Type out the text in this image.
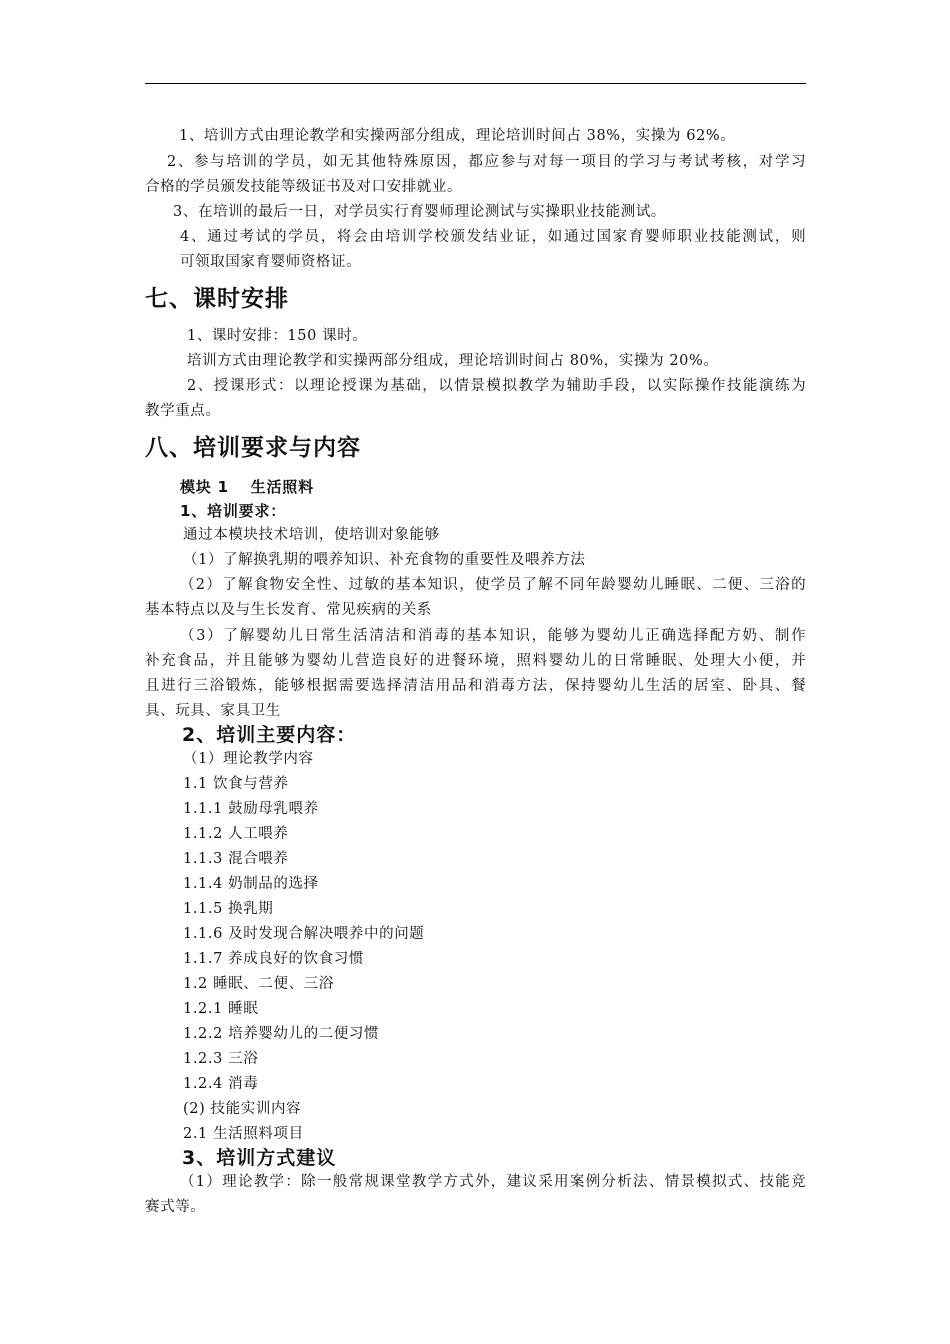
1、培训方式由理论教学和实操两部分组成，理论培训时间占 38%，实操为 62%。
2、参与培训的学员，如无其他特殊原因，都应参与对每一项目的学习与考试考核，对学习
合格的学员颁发技能等级证书及对口安排就业。
3、在培训的最后一日，对学员实行育婴师理论测试与实操职业技能测试。
4、通过考试的学员，将会由培训学校颁发结业证，如通过国家育婴师职业技能测试，则
可领取国家育婴师资格证。
七、课时安排
1、课时安排：150 课时。
培训方式由理论教学和实操两部分组成，理论培训时间占 80%，实操为 20%。
2、授课形式：以理论授课为基础，以情景模拟教学为辅助手段，以实际操作技能演练为
教学重点。
八、培训要求与内容
模块 1　 生活照料
1、培训要求：
通过本模块技术培训，使培训对象能够
（1）了解换乳期的喂养知识、补充食物的重要性及喂养方法
（2）了解食物安全性、过敏的基本知识，使学员了解不同年龄婴幼儿睡眠、二便、三浴的
基本特点以及与生长发育、常见疾病的关系
（3）了解婴幼儿日常生活清洁和消毒的基本知识，能够为婴幼儿正确选择配方奶、制作
补充食品，并且能够为婴幼儿营造良好的进餐环境，照料婴幼儿的日常睡眠、处理大小便，并
且进行三浴锻炼，能够根据需要选择清洁用品和消毒方法，保持婴幼儿生活的居室、卧具、餐
具、玩具、家具卫生
2、培训主要内容：
（1）理论教学内容
1.1 饮食与营养
1.1.1 鼓励母乳喂养
1.1.2 人工喂养
1.1.3 混合喂养
1.1.4 奶制品的选择
1.1.5 换乳期
1.1.6 及时发现合解决喂养中的问题
1.1.7 养成良好的饮食习惯
1.2 睡眠、二便、三浴
1.2.1 睡眠
1.2.2 培养婴幼儿的二便习惯
1.2.3 三浴
1.2.4 消毒
(2) 技能实训内容
2.1 生活照料项目
3、培训方式建议
（1）理论教学：除一般常规课堂教学方式外，建议采用案例分析法、情景模拟式、技能竞
赛式等。
